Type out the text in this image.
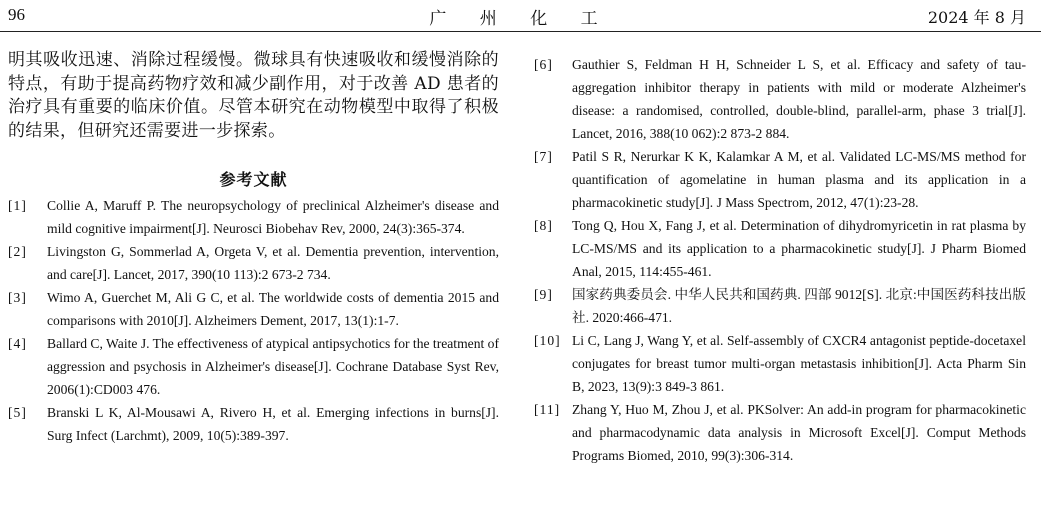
96	广 州 化 工	2024 年 8 月
明其吸收迅速、消除过程缓慢。微球具有快速吸收和缓慢消除的特点，有助于提高药物疗效和减少副作用，对于改善 AD 患者的治疗具有重要的临床价值。尽管本研究在动物模型中取得了积极的结果，但研究还需要进一步探索。
参考文献
[1]	Collie A, Maruff P. The neuropsychology of preclinical Alzheimer's disease and mild cognitive impairment[J]. Neurosci Biobehav Rev, 2000, 24(3):365-374.
[2]	Livingston G, Sommerlad A, Orgeta V, et al. Dementia prevention, intervention, and care[J]. Lancet, 2017, 390(10 113):2 673-2 734.
[3]	Wimo A, Guerchet M, Ali G C, et al. The worldwide costs of dementia 2015 and comparisons with 2010[J]. Alzheimers Dement, 2017, 13(1):1-7.
[4]	Ballard C, Waite J. The effectiveness of atypical antipsychotics for the treatment of aggression and psychosis in Alzheimer's disease[J]. Cochrane Database Syst Rev, 2006(1):CD003 476.
[5]	Branski L K, Al-Mousawi A, Rivero H, et al. Emerging infections in burns[J]. Surg Infect (Larchmt), 2009, 10(5):389-397.
[6]	Gauthier S, Feldman H H, Schneider L S, et al. Efficacy and safety of tau-aggregation inhibitor therapy in patients with mild or moderate Alzheimer's disease: a randomised, controlled, double-blind, parallel-arm, phase 3 trial[J]. Lancet, 2016, 388(10 062):2 873-2 884.
[7]	Patil S R, Nerurkar K K, Kalamkar A M, et al. Validated LC-MS/MS method for quantification of agomelatine in human plasma and its application in a pharmacokinetic study[J]. J Mass Spectrom, 2012, 47(1):23-28.
[8]	Tong Q, Hou X, Fang J, et al. Determination of dihydromyricetin in rat plasma by LC-MS/MS and its application to a pharmacokinetic study[J]. J Pharm Biomed Anal, 2015, 114:455-461.
[9]	国家药典委员会. 中华人民共和国药典. 四部 9012[S]. 北京:中国医药科技出版社. 2020:466-471.
[10] Li C, Lang J, Wang Y, et al. Self-assembly of CXCR4 antagonist peptide-docetaxel conjugates for breast tumor multi-organ metastasis inhibition[J]. Acta Pharm Sin B, 2023, 13(9):3 849-3 861.
[11] Zhang Y, Huo M, Zhou J, et al. PKSolver: An add-in program for pharmacokinetic and pharmacodynamic data analysis in Microsoft Excel[J]. Comput Methods Programs Biomed, 2010, 99(3):306-314.
